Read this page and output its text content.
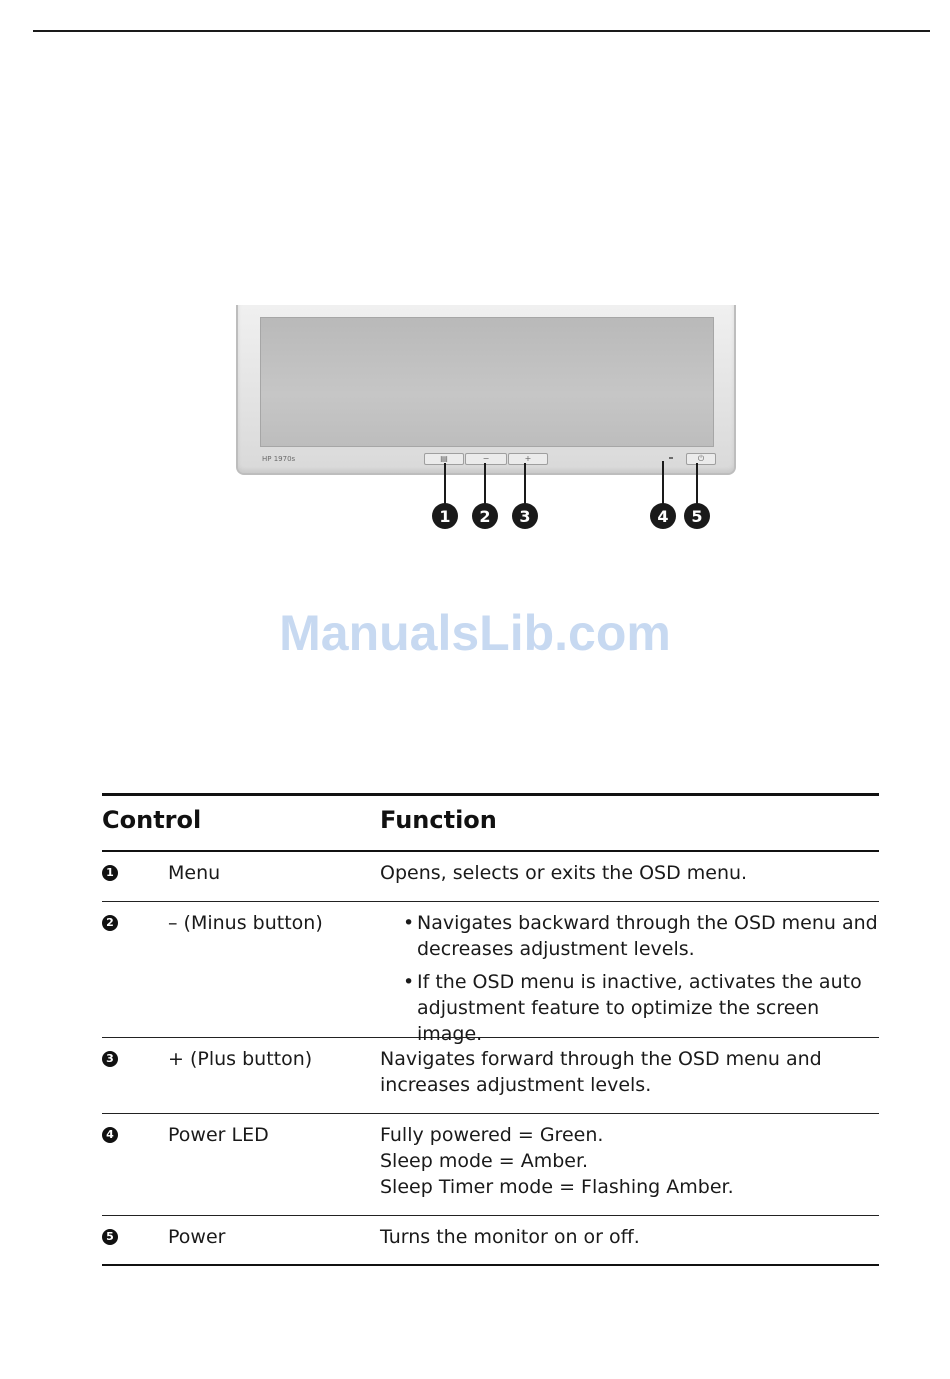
HP 1970s	▤	−	+	⏻
1	2	3	4	5
ManualsLib.com
Control	Function
1	Menu	Opens, selects or exits the OSD menu.
2	– (Minus button)	• Navigates backward through the OSD menu and decreases adjustment levels.
• If the OSD menu is inactive, activates the auto adjustment feature to optimize the screen image.
3	+ (Plus button)	Navigates forward through the OSD menu and
increases adjustment levels.
4	Power LED	Fully powered = Green.
Sleep mode = Amber.
Sleep Timer mode = Flashing Amber.
5	Power	Turns the monitor on or off.
